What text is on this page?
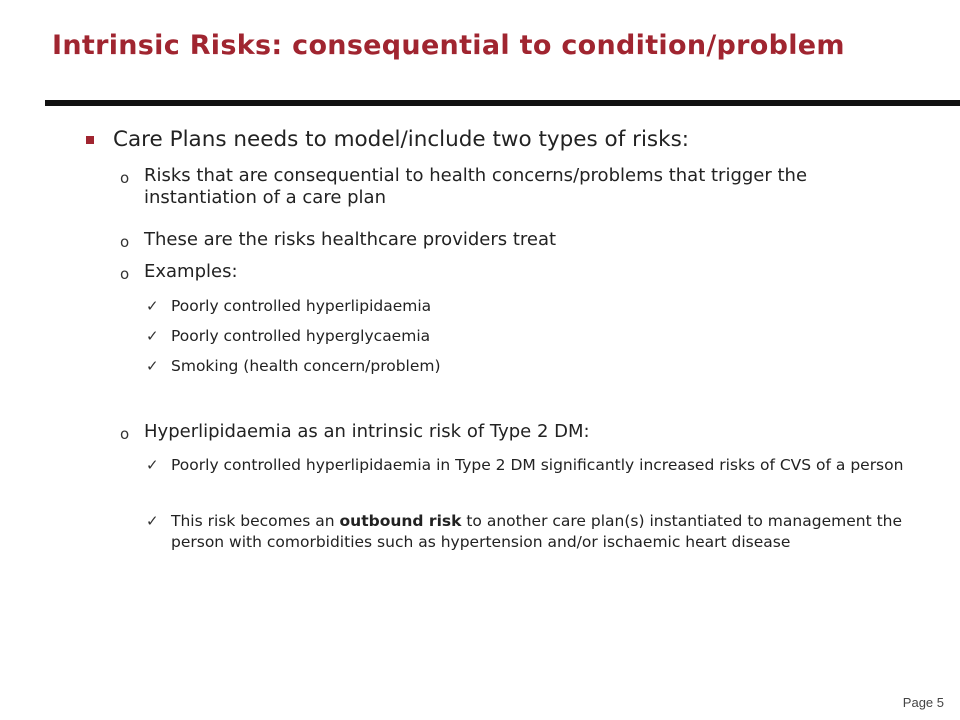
Intrinsic Risks: consequential to condition/problem
Care Plans needs to model/include two types of risks:
o Risks that are consequential to health concerns/problems that trigger the instantiation of a care plan
o These are the risks healthcare providers treat
o Examples:
✓ Poorly controlled hyperlipidaemia
✓ Poorly controlled hyperglycaemia
✓ Smoking (health concern/problem)
o Hyperlipidaemia as an intrinsic risk of Type 2 DM:
✓ Poorly controlled hyperlipidaemia in Type 2 DM significantly increased risks of CVS of a person
✓ This risk becomes an outbound risk to another care plan(s) instantiated to management the person with comorbidities such as hypertension and/or ischaemic heart disease
Page 5
